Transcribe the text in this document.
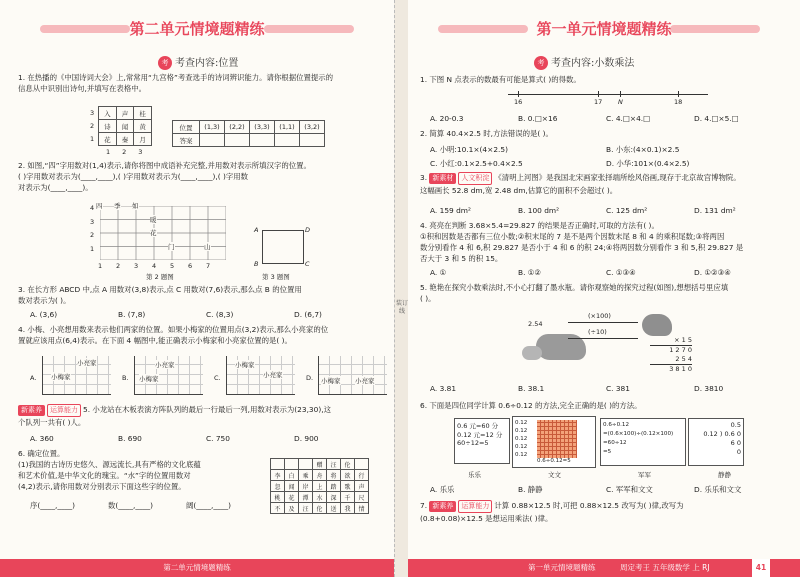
第二单元情境题精练
考 考查内容:位置
1. 在热播的《中国诗词大会》上,常常用“九宫格”考查选手的诗词辨识能力。请你根据位置提示的
信息从中识别出诗句,并填写在表格中。
入	声	桂
诗	闻	黄
花	秦	月
3
2
1
1 2 3
位置	(1,3)	(2,2)	(3,3)	(1,1)	(3,2)
答案					
2. 如图,“四”字用数对(1,4)表示,请你将图中成语补充完整,并用数对表示所填汉字的位置。
( )字用数对表示为(____,____),( )字用数对表示为(____,____),( )字用数
对表示为(____,____)。
四 季 如
暖
花
门	山
4
3
2
1
1	2	3	4	5	6	7
第 2 题图
A
B	C
D
第 3 题图
3. 在长方形 ABCD 中,点 A 用数对(3,8)表示,点 C 用数对(7,6)表示,那么点 B 的位置用
数对表示为( )。
A. (3,6)	B. (7,8)	C. (8,3)	D. (6,7)
4. 小梅、小亮想用数来表示他们两家的位置。如果小梅家的位置用点(3,2)表示,那么小亮家的位
置就应该用点(6,4)表示。在下面 4 幅图中,能正确表示小梅家和小亮家位置的是( )。
A.
小亮家
小梅家	B.
小亮家
小梅家	C.
小梅家
小亮家	D. 小梅家 小亮家
新素养 运算能力 5. 小龙站在木板表演方阵队列的最后一行最后一列,用数对表示为(23,30),这
个队列一共有( )人。
A. 360	B. 690	C. 750	D. 900
6. 确定位置。
(1)我国的古诗历史悠久、源远流长,具有严格的文化底蕴
和艺术价值,是中华文化的瑰宝。“水”字的位置用数对
(4,2)表示,请你用数对分别表示下面这些字的位置。
序(____,____)	数(____,____)	阔(____,____)
			赠	汪	伦	
李	白	乘	舟	将	欲	行
忽	闻	岸	上	踏	歌	声
桃	花	潭	水	深	千	尺
不	及	汪	伦	送	我	情
第二单元情境题精练
装订线
第一单元情境题精练
考 考查内容:小数乘法
1. 下图 N 点表示的数最有可能是算式( )的得数。
16	17 N	18
A. 20-0.3	B. 0.□×16	C. 4.□×4.□	D. 4.□×5.□
2. 简算 40.4×2.5 时,方法错误的是( )。
A. 小明:10.1×(4×2.5)	B. 小东:(4×0.1)×2.5
C. 小红:0.1×2.5+0.4×2.5	D. 小华:101×(0.4×2.5)
3. 新素材 人文积淀 《清明上河图》是我国北宋画家张择端所绘风俗画,现存于北京故宫博物院。
这幅画长 52.8 dm,宽 2.48 dm,估算它的面积不会超过( )。
A. 159 dm²	B. 100 dm²	C. 125 dm²	D. 131 dm²
4. 亮亮在判断 3.68×5.4=29.827 的结果是否正确时,可取的方法有( )。
①积和因数是否都有三位小数;②积末尾的 7 是不是两个因数末尾 8 和 4 的乘积尾数;③将两因
数分别看作 4 和 6,积 29.827 是否小于 4 和 6 的积 24;④将两因数分别看作 3 和 5,积 29.827 是
否大于 3 和 5 的积 15。
A. ①	B. ①②	C. ①③④	D. ①②③④
5. 艳艳在探究小数乘法时,不小心打翻了墨水瓶。请你观察她的探究过程(如图),想想括号里应填
( )。
2.54
(×100)
(÷10)
× 1 5
1 2 7 0
2 5 4
3 8 1 0
A. 3.81	B. 38.1	C. 381	D. 3810
6. 下面是四位同学计算 0.6÷0.12 的方法,完全正确的是( )的方法。
0.6 元=60 分
0.12 元=12 分
60÷12=5
0.12
0.12
0.12
0.12
0.12
0.6÷0.12=5
0.6÷0.12
=(0.6×100)÷(0.12×100)
=60÷12
=5
0.5
0.12 ) 0.6 0
6 0
0
乐乐	文文	军军	静静
A. 乐乐	B. 静静	C. 军军和文文	D. 乐乐和文文
7. 新素养 运算能力 计算 0.88×12.5 时,可把 0.88×12.5 改写为( )律,改写为
(0.8+0.08)×12.5 是想运用乘法( )律。
第一单元情境题精练	周定考王 五年级数学 上 RJ	41
